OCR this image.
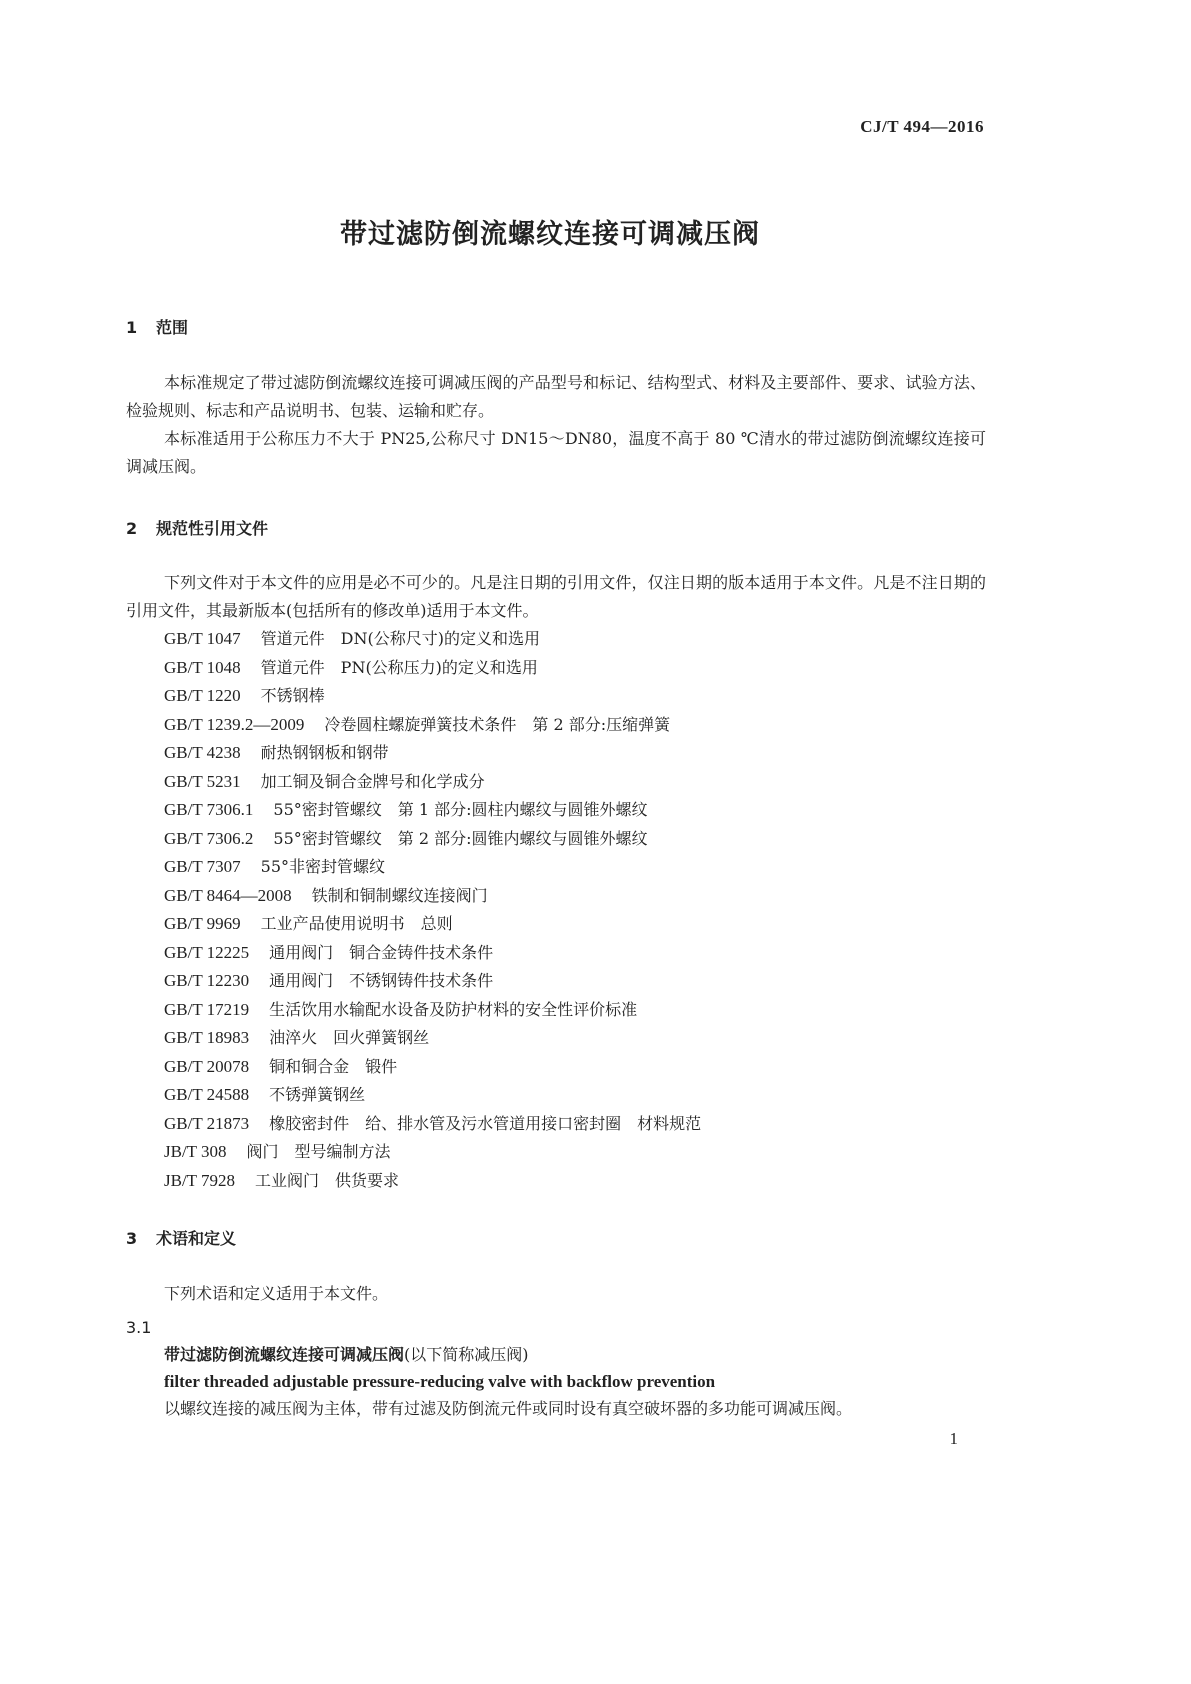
CJ/T 494—2016
带过滤防倒流螺纹连接可调减压阀
1 范围

本标准规定了带过滤防倒流螺纹连接可调减压阀的产品型号和标记、结构型式、材料及主要部件、要求、试验方法、检验规则、标志和产品说明书、包装、运输和贮存。

本标准适用于公称压力不大于 PN25,公称尺寸 DN15～DN80，温度不高于 80 ℃清水的带过滤防倒流螺纹连接可调减压阀。

2 规范性引用文件

下列文件对于本文件的应用是必不可少的。凡是注日期的引用文件，仅注日期的版本适用于本文件。凡是不注日期的引用文件，其最新版本(包括所有的修改单)适用于本文件。

GB/T 1047 管道元件　DN(公称尺寸)的定义和选用
GB/T 1048 管道元件　PN(公称压力)的定义和选用
GB/T 1220 不锈钢棒
GB/T 1239.2—2009 冷卷圆柱螺旋弹簧技术条件　第 2 部分:压缩弹簧
GB/T 4238 耐热钢钢板和钢带
GB/T 5231 加工铜及铜合金牌号和化学成分
GB/T 7306.1 55°密封管螺纹　第 1 部分:圆柱内螺纹与圆锥外螺纹
GB/T 7306.2 55°密封管螺纹　第 2 部分:圆锥内螺纹与圆锥外螺纹
GB/T 7307 55°非密封管螺纹
GB/T 8464—2008 铁制和铜制螺纹连接阀门
GB/T 9969 工业产品使用说明书　总则
GB/T 12225 通用阀门　铜合金铸件技术条件
GB/T 12230 通用阀门　不锈钢铸件技术条件
GB/T 17219 生活饮用水输配水设备及防护材料的安全性评价标准
GB/T 18983 油淬火　回火弹簧钢丝
GB/T 20078 铜和铜合金　锻件
GB/T 24588 不锈弹簧钢丝
GB/T 21873 橡胶密封件　给、排水管及污水管道用接口密封圈　材料规范
JB/T 308 阀门　型号编制方法
JB/T 7928 工业阀门　供货要求
3 术语和定义

下列术语和定义适用于本文件。

3.1
带过滤防倒流螺纹连接可调减压阀(以下简称减压阀)
filter threaded adjustable pressure-reducing valve with backflow prevention
以螺纹连接的减压阀为主体，带有过滤及防倒流元件或同时设有真空破坏器的多功能可调减压阀。
1
